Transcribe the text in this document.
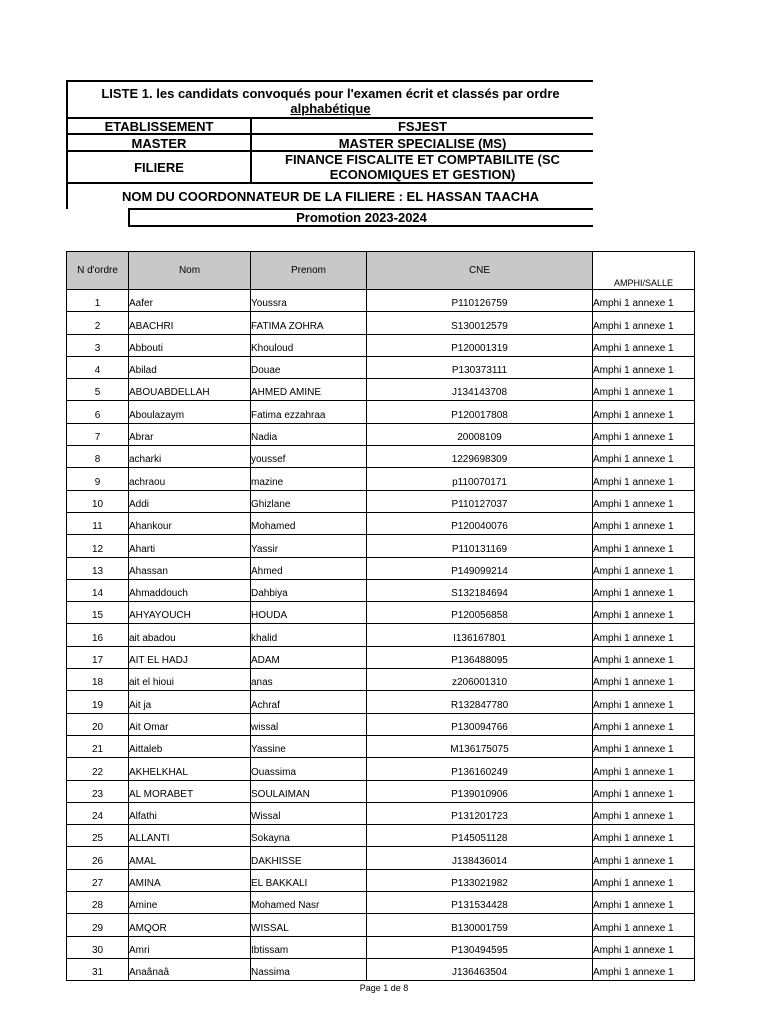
LISTE 1. les candidats convoqués pour l'examen écrit et classés par ordre
alphabétique
ETABLISSEMENT	FSJEST
MASTER	MASTER SPECIALISE (MS)
FILIERE	FINANCE FISCALITE ET COMPTABILITE (SC ECONOMIQUES ET GESTION)
NOM DU COORDONNATEUR DE LA FILIERE : EL HASSAN TAACHA
Promotion 2023-2024
N d'ordre	Nom	Prenom	CNE	AMPHI/SALLE
1	Aafer	Youssra	P110126759	Amphi 1 annexe 1
2	ABACHRI	FATIMA ZOHRA	S130012579	Amphi 1 annexe 1
3	Abbouti	Khouloud	P120001319	Amphi 1 annexe 1
4	Abilad	Douae	P130373111	Amphi 1 annexe 1
5	ABOUABDELLAH	AHMED AMINE	J134143708	Amphi 1 annexe 1
6	Aboulazaym	Fatima ezzahraa	P120017808	Amphi 1 annexe 1
7	Abrar	Nadia	20008109	Amphi 1 annexe 1
8	acharki	youssef	1229698309	Amphi 1 annexe 1
9	achraou	mazine	p110070171	Amphi 1 annexe 1
10	Addi	Ghizlane	P110127037	Amphi 1 annexe 1
11	Ahankour	Mohamed	P120040076	Amphi 1 annexe 1
12	Aharti	Yassir	P110131169	Amphi 1 annexe 1
13	Ahassan	Ahmed	P149099214	Amphi 1 annexe 1
14	Ahmaddouch	Dahbiya	S132184694	Amphi 1 annexe 1
15	AHYAYOUCH	HOUDA	P120056858	Amphi 1 annexe 1
16	ait abadou	khalid	I136167801	Amphi 1 annexe 1
17	AIT EL HADJ	ADAM	P136488095	Amphi 1 annexe 1
18	ait el hioui	anas	z206001310	Amphi 1 annexe 1
19	Ait ja	Achraf	R132847780	Amphi 1 annexe 1
20	Ait Omar	wissal	P130094766	Amphi 1 annexe 1
21	Aittaleb	Yassine	M136175075	Amphi 1 annexe 1
22	AKHELKHAL	Ouassima	P136160249	Amphi 1 annexe 1
23	AL MORABET	SOULAIMAN	P139010906	Amphi 1 annexe 1
24	Alfathi	Wissal	P131201723	Amphi 1 annexe 1
25	ALLANTI	Sokayna	P145051128	Amphi 1 annexe 1
26	AMAL	DAKHISSE	J138436014	Amphi 1 annexe 1
27	AMINA	EL BAKKALI	P133021982	Amphi 1 annexe 1
28	Amine	Mohamed Nasr	P131534428	Amphi 1 annexe 1
29	AMQOR	WISSAL	B130001759	Amphi 1 annexe 1
30	Amri	Ibtissam	P130494595	Amphi 1 annexe 1
31	Anaânaâ	Nassima	J136463504	Amphi 1 annexe 1
Page 1 de 8
